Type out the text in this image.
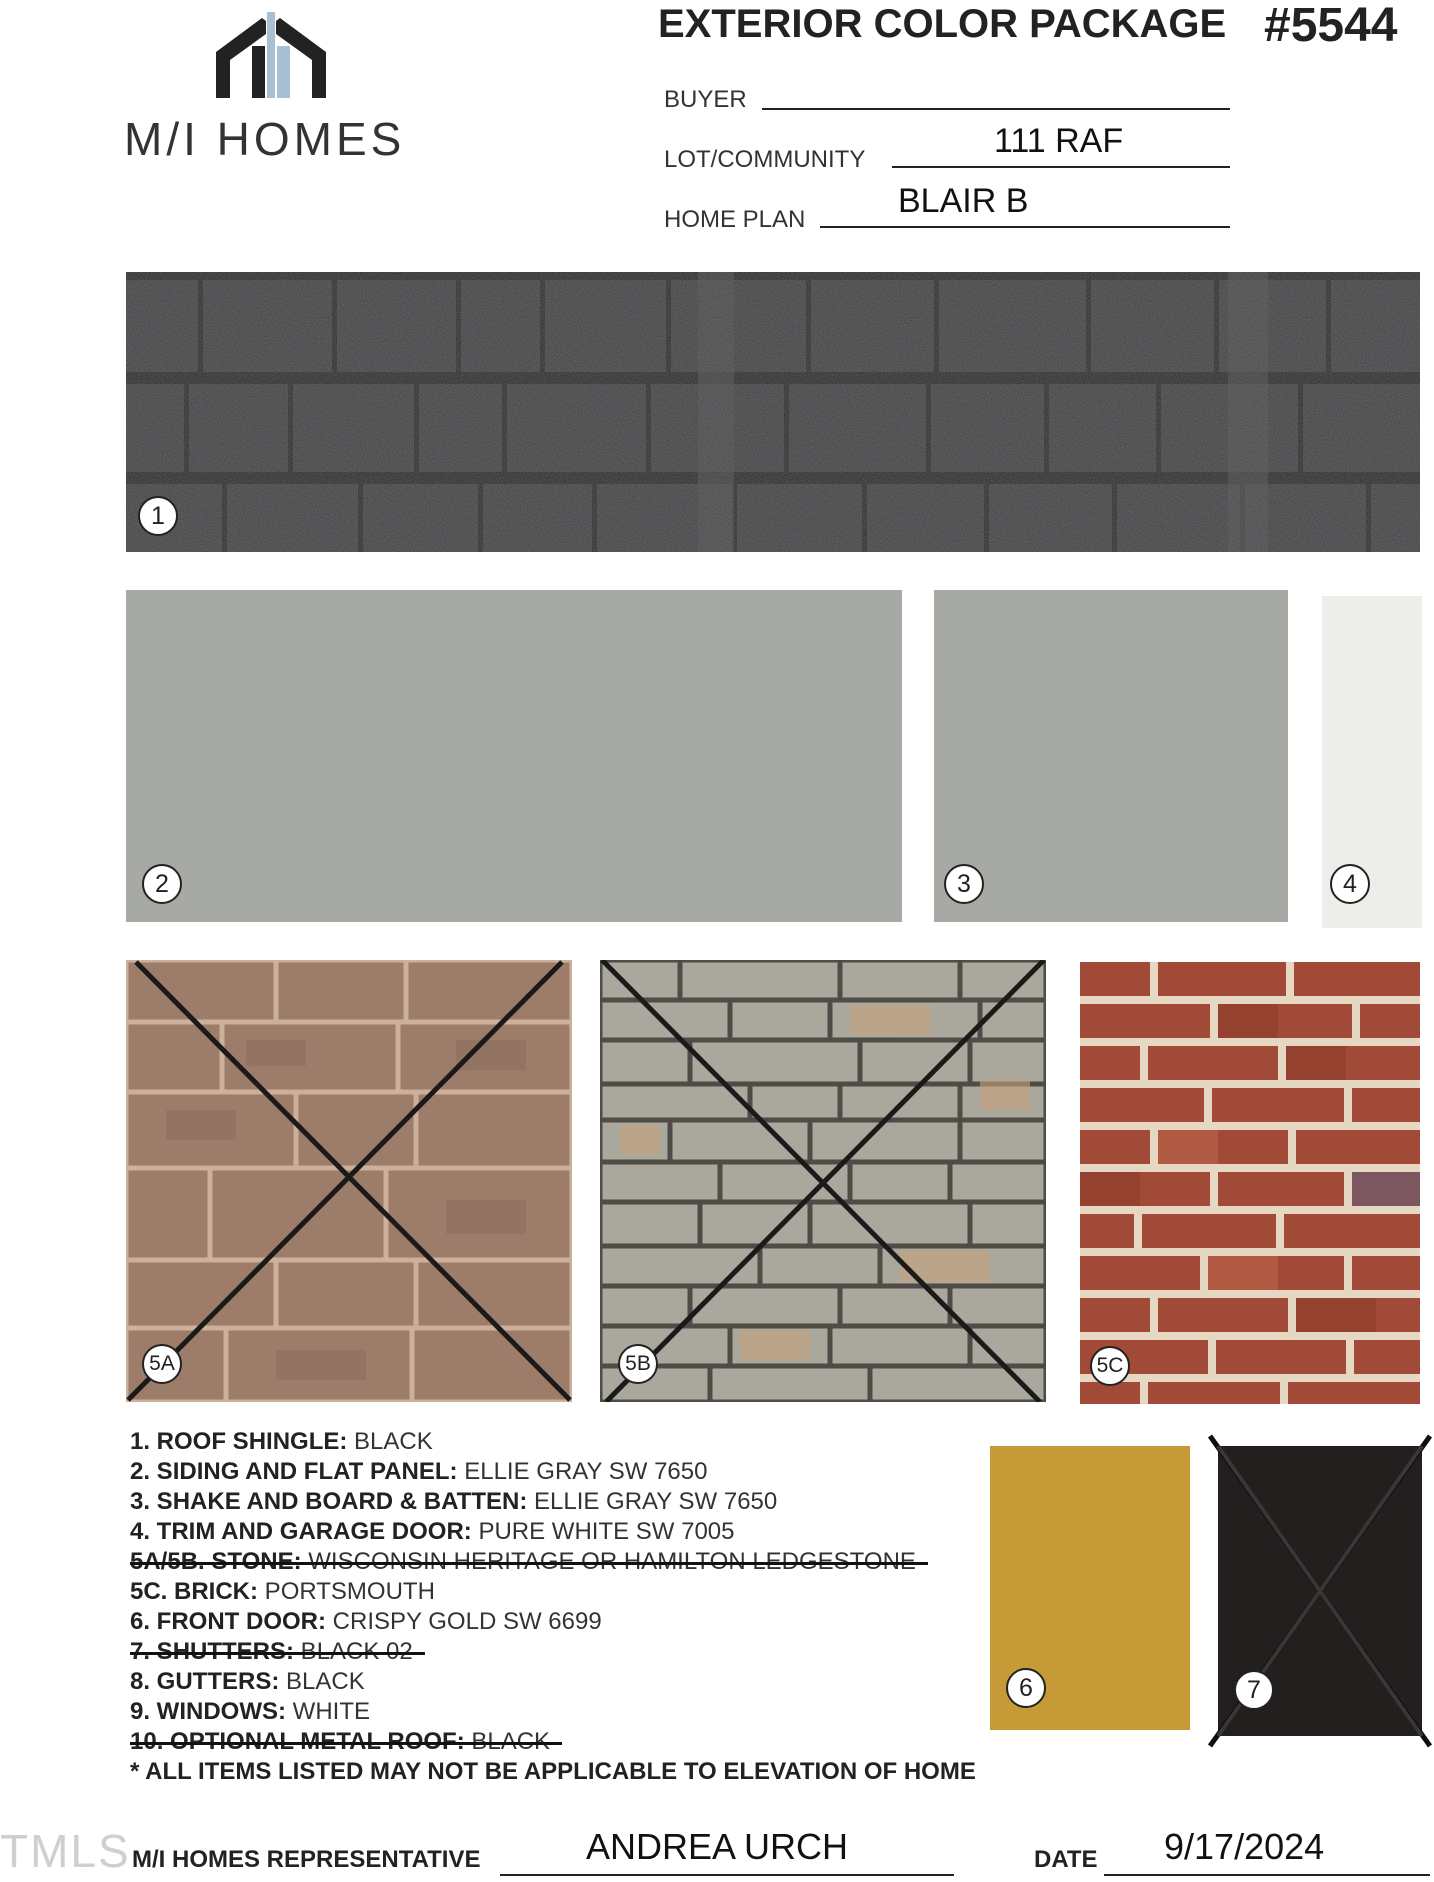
M/I HOMES
EXTERIOR COLOR PACKAGE #5544
BUYER
LOT/COMMUNITY	111 RAF
HOME PLAN	BLAIR B
1
2	3	4
5A	5B	5C
6	7
1. ROOF SHINGLE: BLACK
2. SIDING AND FLAT PANEL: ELLIE GRAY SW 7650
3. SHAKE AND BOARD & BATTEN: ELLIE GRAY SW 7650
4. TRIM AND GARAGE DOOR: PURE WHITE SW 7005
5C. BRICK: PORTSMOUTH
6. FRONT DOOR: CRISPY GOLD SW 6699
8. GUTTERS: BLACK
9. WINDOWS: WHITE
* ALL ITEMS LISTED MAY NOT BE APPLICABLE TO ELEVATION OF HOME
TMLS M/I HOMES REPRESENTATIVE	ANDREA URCH	DATE 9/17/2024
